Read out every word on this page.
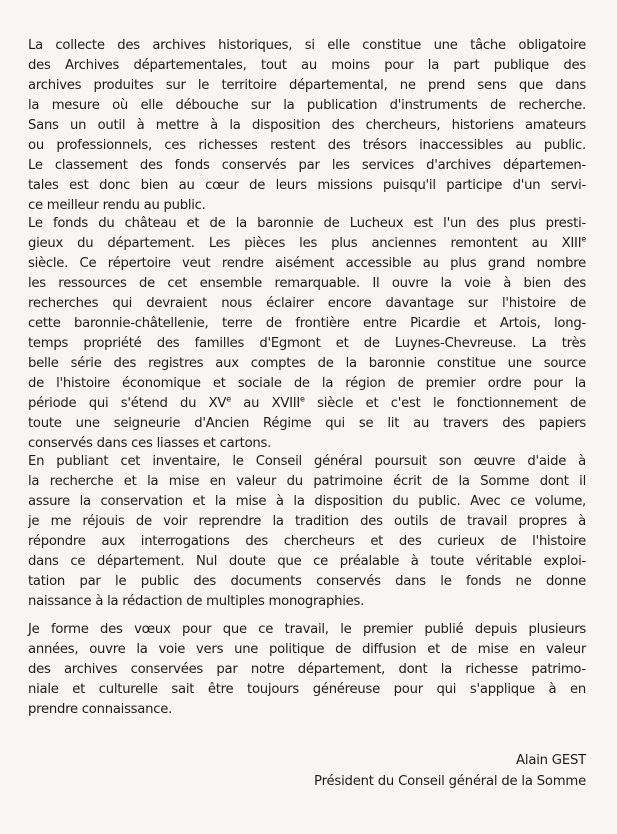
La collecte des archives historiques, si elle constitue une tâche obligatoire
des Archives départementales, tout au moins pour la part publique des
archives produites sur le territoire départemental, ne prend sens que dans
la mesure où elle débouche sur la publication d'instruments de recherche.
Sans un outil à mettre à la disposition des chercheurs, historiens amateurs
ou professionnels, ces richesses restent des trésors inaccessibles au public.
Le classement des fonds conservés par les services d'archives départemen-
tales est donc bien au cœur de leurs missions puisqu'il participe d'un servi-
ce meilleur rendu au public.
Le fonds du château et de la baronnie de Lucheux est l'un des plus presti-
gieux du département. Les pièces les plus anciennes remontent au XIIIe
siècle. Ce répertoire veut rendre aisément accessible au plus grand nombre
les ressources de cet ensemble remarquable. Il ouvre la voie à bien des
recherches qui devraient nous éclairer encore davantage sur l'histoire de
cette baronnie-châtellenie, terre de frontière entre Picardie et Artois, long-
temps propriété des familles d'Egmont et de Luynes-Chevreuse. La très
belle série des registres aux comptes de la baronnie constitue une source
de l'histoire économique et sociale de la région de premier ordre pour la
période qui s'étend du XVe au XVIIIe siècle et c'est le fonctionnement de
toute une seigneurie d'Ancien Régime qui se lit au travers des papiers
conservés dans ces liasses et cartons.
En publiant cet inventaire, le Conseil général poursuit son œuvre d'aide à
la recherche et la mise en valeur du patrimoine écrit de la Somme dont il
assure la conservation et la mise à la disposition du public. Avec ce volume,
je me réjouis de voir reprendre la tradition des outils de travail propres à
répondre aux interrogations des chercheurs et des curieux de l'histoire
dans ce département. Nul doute que ce préalable à toute véritable exploi-
tation par le public des documents conservés dans le fonds ne donne
naissance à la rédaction de multiples monographies.
Je forme des vœux pour que ce travail, le premier publié depuis plusieurs
années, ouvre la voie vers une politique de diffusion et de mise en valeur
des archives conservées par notre département, dont la richesse patrimo-
niale et culturelle sait être toujours généreuse pour qui s'applique à en
prendre connaissance.
Alain GEST
Président du Conseil général de la Somme
